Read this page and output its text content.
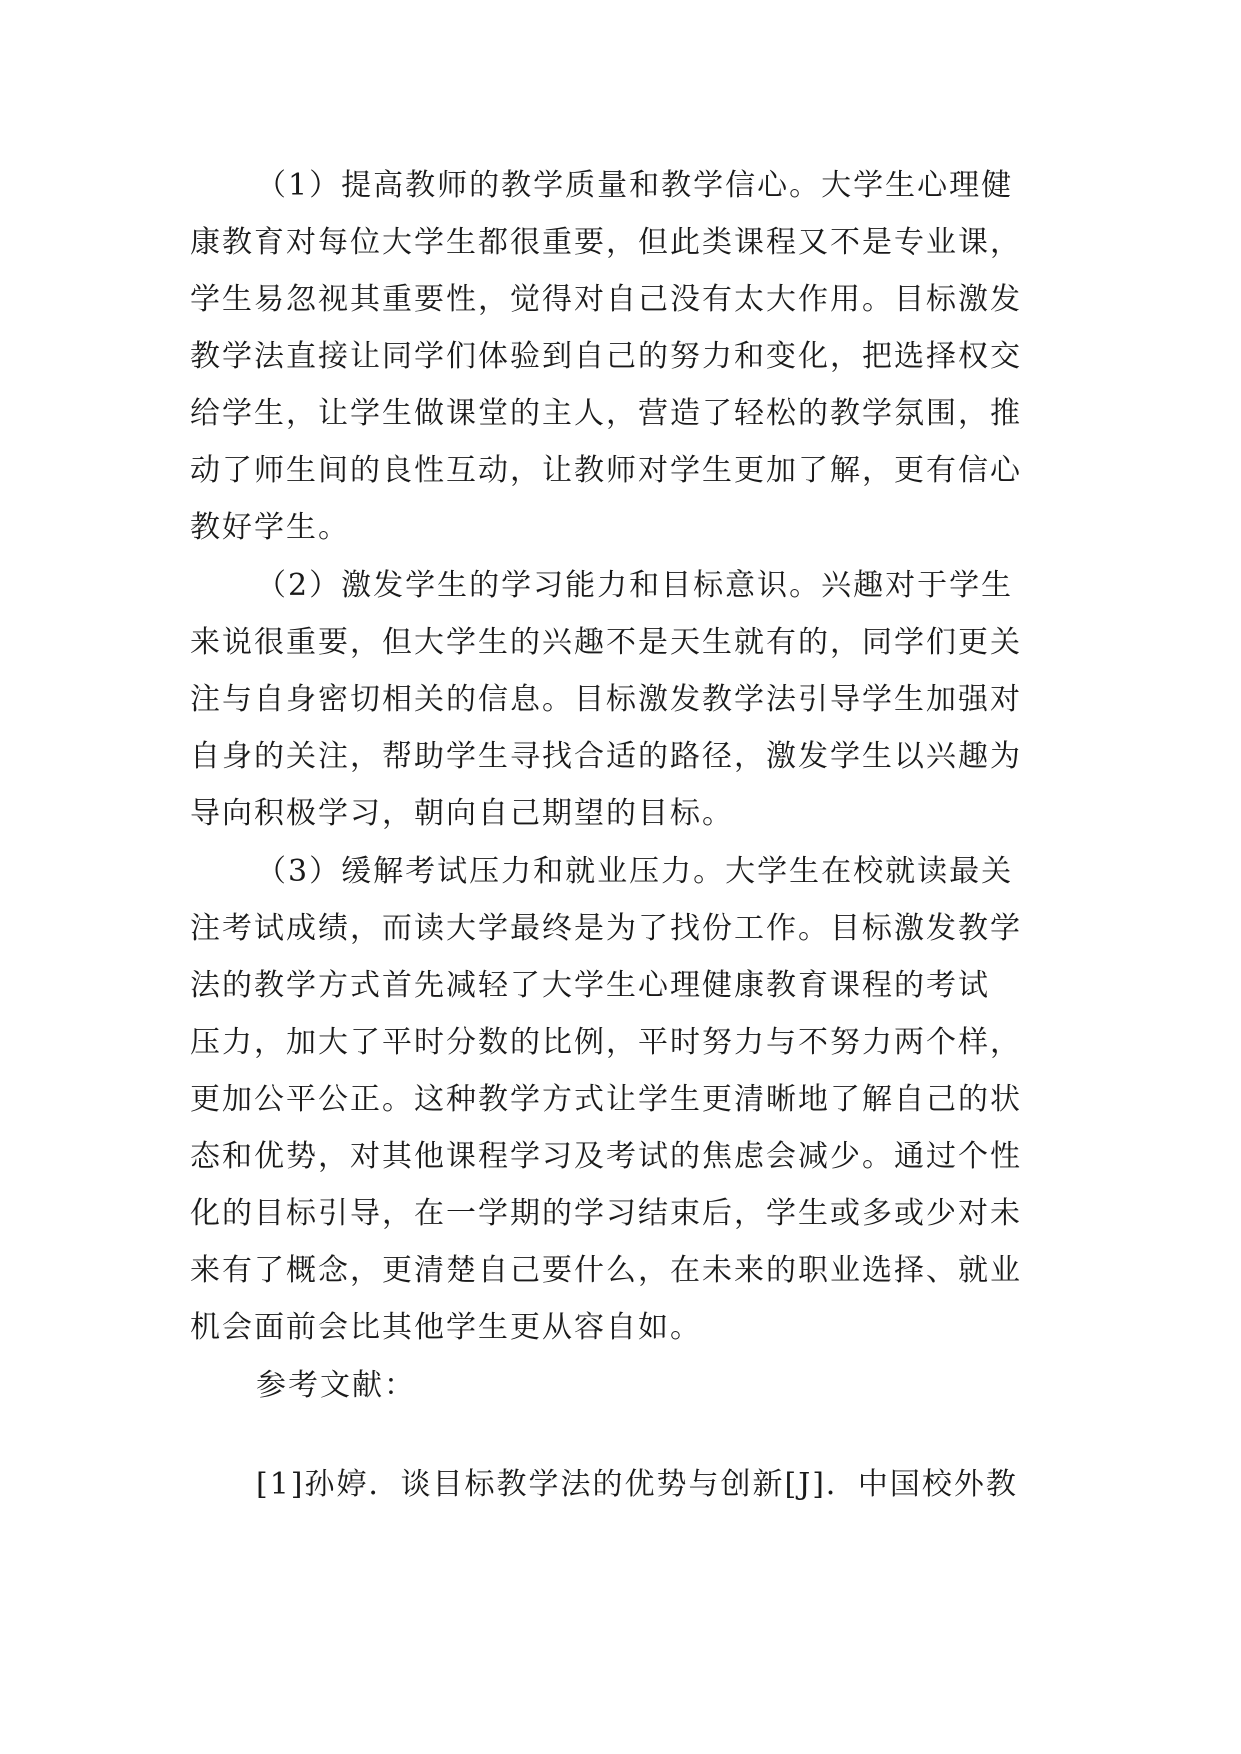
（1）提高教师的教学质量和教学信心。大学生心理健
康教育对每位大学生都很重要，但此类课程又不是专业课，
学生易忽视其重要性，觉得对自己没有太大作用。目标激发
教学法直接让同学们体验到自己的努力和变化，把选择权交
给学生，让学生做课堂的主人，营造了轻松的教学氛围，推
动了师生间的良性互动，让教师对学生更加了解，更有信心
教好学生。
（2）激发学生的学习能力和目标意识。兴趣对于学生
来说很重要，但大学生的兴趣不是天生就有的，同学们更关
注与自身密切相关的信息。目标激发教学法引导学生加强对
自身的关注，帮助学生寻找合适的路径，激发学生以兴趣为
导向积极学习，朝向自己期望的目标。
（3）缓解考试压力和就业压力。大学生在校就读最关
注考试成绩，而读大学最终是为了找份工作。目标激发教学
法的教学方式首先减轻了大学生心理健康教育课程的考试
压力，加大了平时分数的比例，平时努力与不努力两个样，
更加公平公正。这种教学方式让学生更清晰地了解自己的状
态和优势，对其他课程学习及考试的焦虑会减少。通过个性
化的目标引导，在一学期的学习结束后，学生或多或少对未
来有了概念，更清楚自己要什么，在未来的职业选择、就业
机会面前会比其他学生更从容自如。
参考文献：
[1]孙婷．谈目标教学法的优势与创新[J]．中国校外教
